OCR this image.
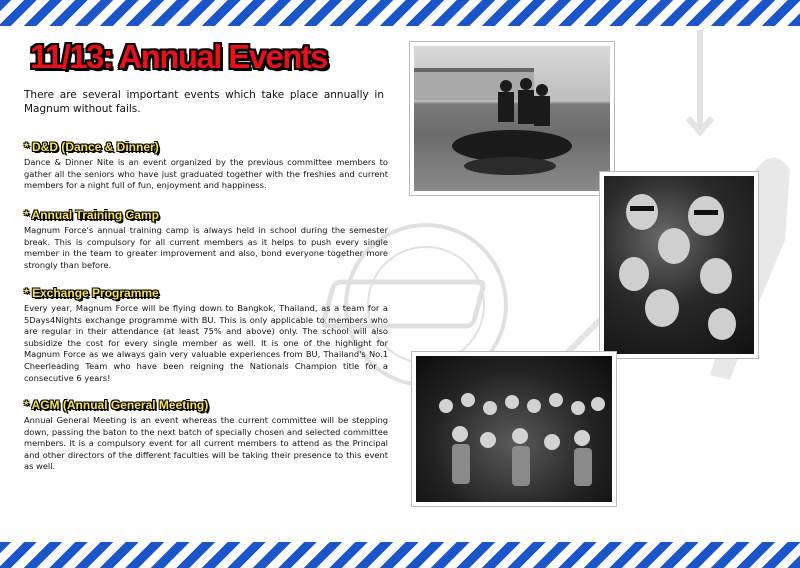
11/13: Annual Events

There are several important events which take place annually in Magnum without fails.

* D&D (Dance & Dinner)

Dance & Dinner Nite is an event organized by the previous committee members to gather all the seniors who have just graduated together with the freshies and current members for a night full of fun, enjoyment and happiness.

* Annual Training Camp

Magnum Force's annual training camp is always held in school during the semester break. This is compulsory for all current members as it helps to push every single member in the team to greater improvement and also, bond everyone together more strongly than before.

* Exchange Programme

Every year, Magnum Force will be flying down to Bangkok, Thailand, as a team for a 5Days4Nights exchange programme with BU. This is only applicable to members who are regular in their attendance (at least 75% and above) only. The school will also subsidize the cost for every single member as well. It is one of the highlight for Magnum Force as we always gain very valuable experiences from BU, Thailand's No.1 Cheerleading Team who have been reigning the Nationals Champion title for a consecutive 6 years!

* AGM (Annual General Meeting)

Annual General Meeting is an event whereas the current committee will be stepping down, passing the baton to the next batch of specially chosen and selected committee members. It is a compulsory event for all current members to attend as the Principal and other directors of the different faculties will be taking their presence to this event as well.
